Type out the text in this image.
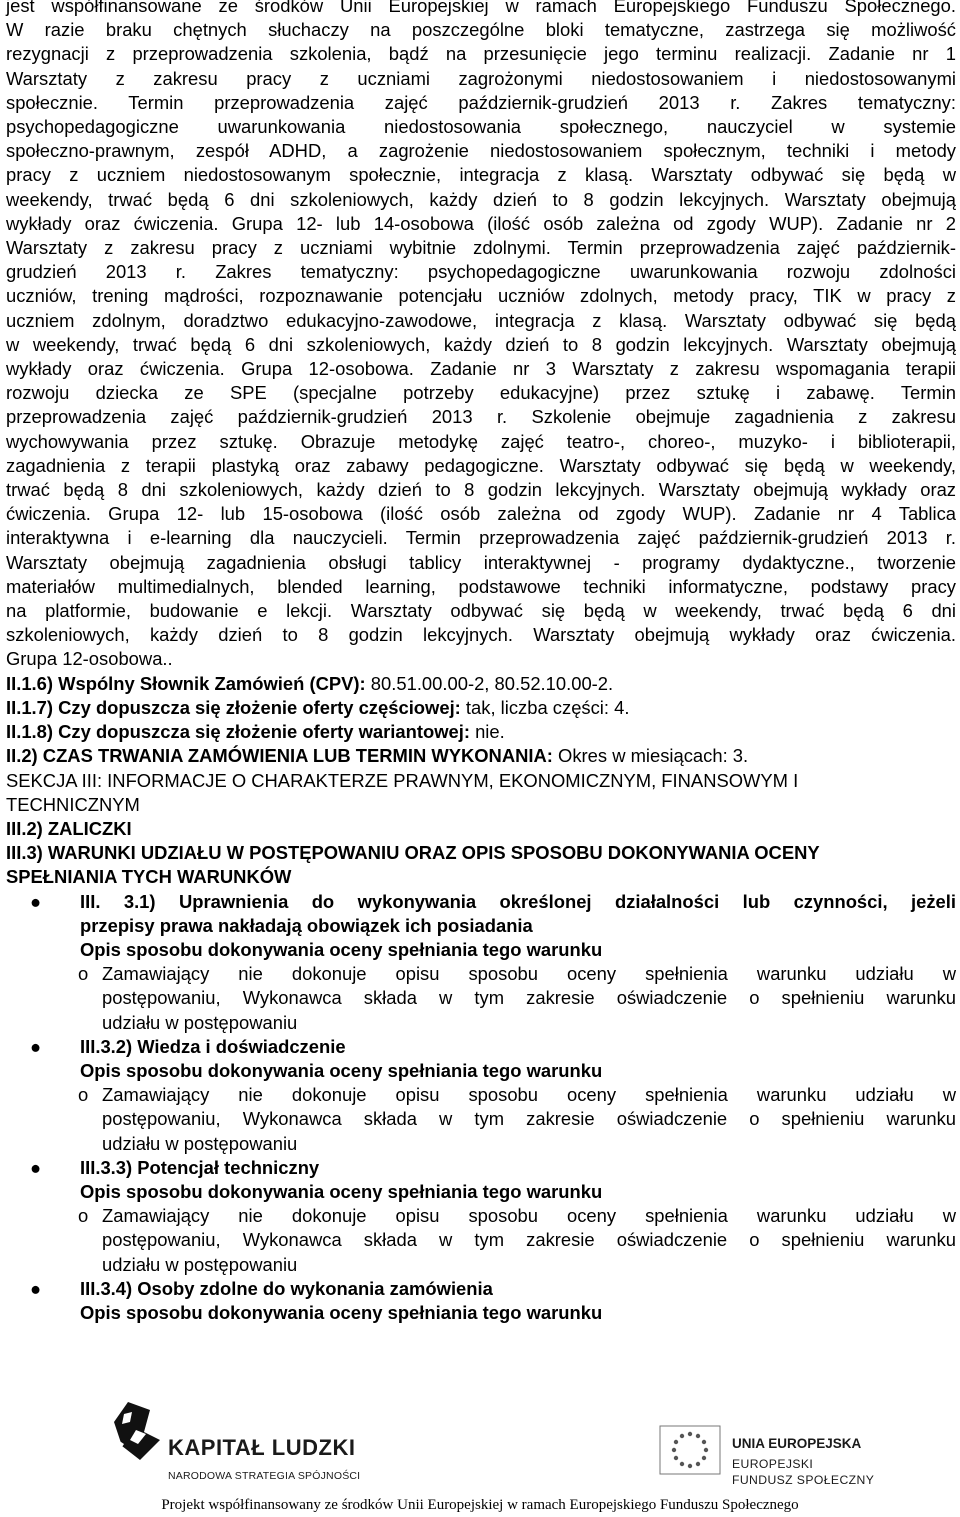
jest współfinansowane ze środków Unii Europejskiej w ramach Europejskiego Funduszu Społecznego.
W razie braku chętnych słuchaczy na poszczególne bloki tematyczne, zastrzega się możliwość
rezygnacji z przeprowadzenia szkolenia, bądź na przesunięcie jego terminu realizacji. Zadanie nr 1
Warsztaty z zakresu pracy z uczniami zagrożonymi niedostosowaniem i niedostosowanymi
społecznie. Termin przeprowadzenia zajęć październik-grudzień 2013 r. Zakres tematyczny:
psychopedagogiczne uwarunkowania niedostosowania społecznego, nauczyciel w systemie
społeczno-prawnym, zespół ADHD, a zagrożenie niedostosowaniem społecznym, techniki i metody
pracy z uczniem niedostosowanym społecznie, integracja z klasą. Warsztaty odbywać się będą w
weekendy, trwać będą 6 dni szkoleniowych, każdy dzień to 8 godzin lekcyjnych. Warsztaty obejmują
wykłady oraz ćwiczenia. Grupa 12- lub 14-osobowa (ilość osób zależna od zgody WUP). Zadanie nr 2
Warsztaty z zakresu pracy z uczniami wybitnie zdolnymi. Termin przeprowadzenia zajęć październik-
grudzień 2013 r. Zakres tematyczny: psychopedagogiczne uwarunkowania rozwoju zdolności
uczniów, trening mądrości, rozpoznawanie potencjału uczniów zdolnych, metody pracy, TIK w pracy z
uczniem zdolnym, doradztwo edukacyjno-zawodowe, integracja z klasą. Warsztaty odbywać się będą
w weekendy, trwać będą 6 dni szkoleniowych, każdy dzień to 8 godzin lekcyjnych. Warsztaty obejmują
wykłady oraz ćwiczenia. Grupa 12-osobowa. Zadanie nr 3 Warsztaty z zakresu wspomagania terapii
rozwoju dziecka ze SPE (specjalne potrzeby edukacyjne) przez sztukę i zabawę. Termin
przeprowadzenia zajęć październik-grudzień 2013 r. Szkolenie obejmuje zagadnienia z zakresu
wychowywania przez sztukę. Obrazuje metodykę zajęć teatro-, choreo-, muzyko- i biblioterapii,
zagadnienia z terapii plastyką oraz zabawy pedagogiczne. Warsztaty odbywać się będą w weekendy,
trwać będą 8 dni szkoleniowych, każdy dzień to 8 godzin lekcyjnych. Warsztaty obejmują wykłady oraz
ćwiczenia. Grupa 12- lub 15-osobowa (ilość osób zależna od zgody WUP). Zadanie nr 4 Tablica
interaktywna i e-learning dla nauczycieli. Termin przeprowadzenia zajęć październik-grudzień 2013 r.
Warsztaty obejmują zagadnienia obsługi tablicy interaktywnej - programy dydaktyczne., tworzenie
materiałów multimedialnych, blended learning, podstawowe techniki informatyczne, podstawy pracy
na platformie, budowanie e lekcji. Warsztaty odbywać się będą w weekendy, trwać będą 6 dni
szkoleniowych, każdy dzień to 8 godzin lekcyjnych. Warsztaty obejmują wykłady oraz ćwiczenia.
Grupa 12-osobowa..

II.1.6) Wspólny Słownik Zamówień (CPV): 80.51.00.00-2, 80.52.10.00-2.

II.1.7) Czy dopuszcza się złożenie oferty częściowej: tak, liczba części: 4.

II.1.8) Czy dopuszcza się złożenie oferty wariantowej: nie.

II.2) CZAS TRWANIA ZAMÓWIENIA LUB TERMIN WYKONANIA: Okres w miesiącach: 3.

SEKCJA III: INFORMACJE O CHARAKTERZE PRAWNYM, EKONOMICZNYM, FINANSOWYM I

TECHNICZNYM

III.2) ZALICZKI

III.3) WARUNKI UDZIAŁU W POSTĘPOWANIU ORAZ OPIS SPOSOBU DOKONYWANIA OCENY

SPEŁNIANIA TYCH WARUNKÓW

● III. 3.1) Uprawnienia do wykonywania określonej działalności lub czynności, jeżeli
przepisy prawa nakładają obowiązek ich posiadania
Opis sposobu dokonywania oceny spełniania tego warunku
o Zamawiający nie dokonuje opisu sposobu oceny spełnienia warunku udziału w
postępowaniu, Wykonawca składa w tym zakresie oświadczenie o spełnieniu warunku
udziału w postępowaniu
● III.3.2) Wiedza i doświadczenie
Opis sposobu dokonywania oceny spełniania tego warunku
o Zamawiający nie dokonuje opisu sposobu oceny spełnienia warunku udziału w
postępowaniu, Wykonawca składa w tym zakresie oświadczenie o spełnieniu warunku
udziału w postępowaniu
● III.3.3) Potencjał techniczny
Opis sposobu dokonywania oceny spełniania tego warunku
o Zamawiający nie dokonuje opisu sposobu oceny spełnienia warunku udziału w
postępowaniu, Wykonawca składa w tym zakresie oświadczenie o spełnieniu warunku
udziału w postępowaniu
● III.3.4) Osoby zdolne do wykonania zamówienia
Opis sposobu dokonywania oceny spełniania tego warunku
KAPITAŁ LUDZKI
NARODOWA STRATEGIA SPÓJNOŚCI
UNIA EUROPEJSKA
EUROPEJSKI
FUNDUSZ SPOŁECZNY
Projekt współfinansowany ze środków Unii Europejskiej w ramach Europejskiego Funduszu Społecznego
